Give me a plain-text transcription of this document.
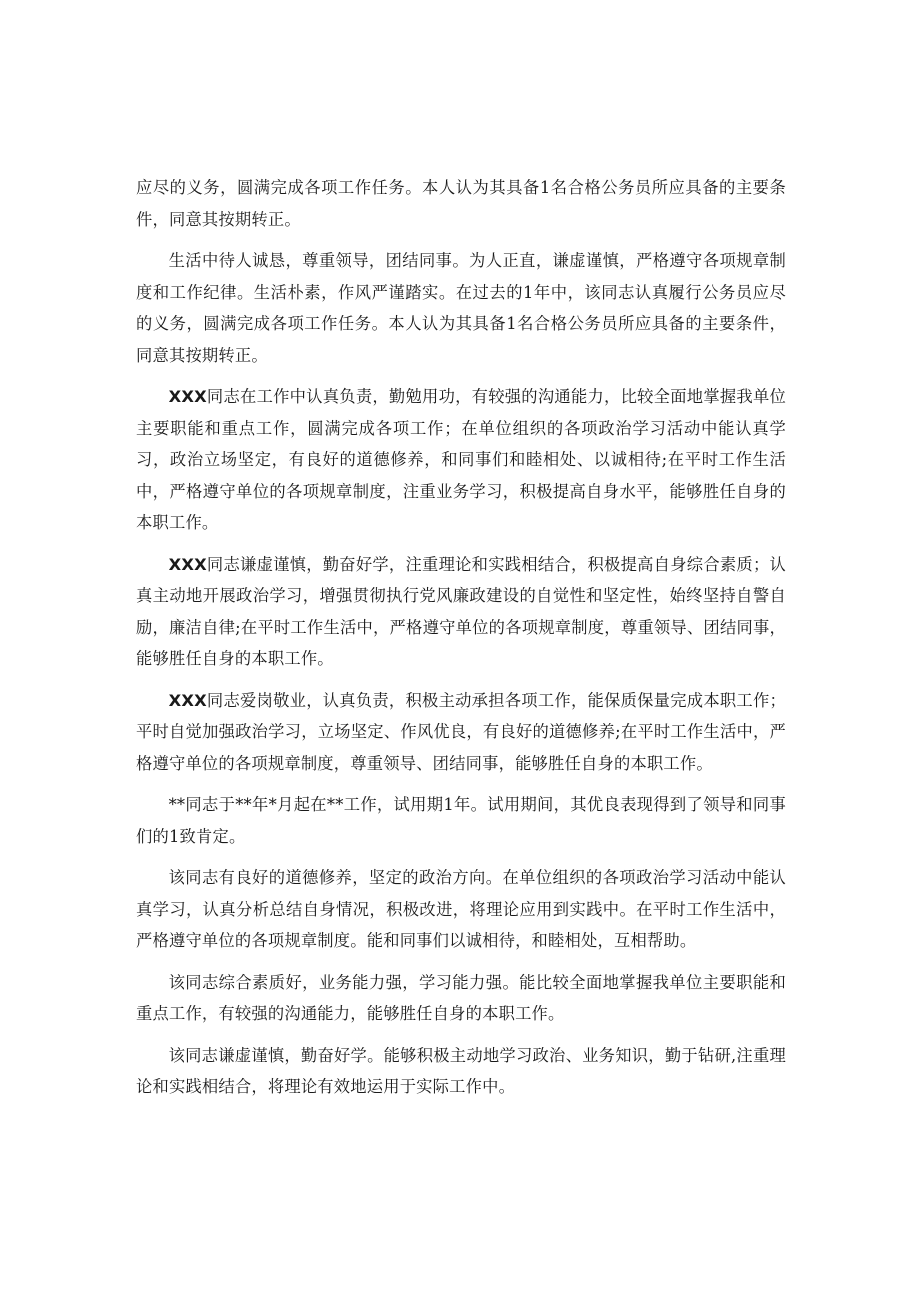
应尽的义务，圆满完成各项工作任务。本人认为其具备1名合格公务员所应具备的主要条件，同意其按期转正。

生活中待人诚恳，尊重领导，团结同事。为人正直，谦虚谨慎，严格遵守各项规章制度和工作纪律。生活朴素，作风严谨踏实。在过去的1年中，该同志认真履行公务员应尽的义务，圆满完成各项工作任务。本人认为其具备1名合格公务员所应具备的主要条件，同意其按期转正。

XXX同志在工作中认真负责，勤勉用功，有较强的沟通能力，比较全面地掌握我单位主要职能和重点工作，圆满完成各项工作；在单位组织的各项政治学习活动中能认真学习，政治立场坚定，有良好的道德修养，和同事们和睦相处、以诚相待;在平时工作生活中，严格遵守单位的各项规章制度，注重业务学习，积极提高自身水平，能够胜任自身的本职工作。

XXX同志谦虚谨慎，勤奋好学，注重理论和实践相结合，积极提高自身综合素质；认真主动地开展政治学习，增强贯彻执行党风廉政建设的自觉性和坚定性，始终坚持自警自励，廉洁自律;在平时工作生活中，严格遵守单位的各项规章制度，尊重领导、团结同事，能够胜任自身的本职工作。

XXX同志爱岗敬业，认真负责，积极主动承担各项工作，能保质保量完成本职工作；平时自觉加强政治学习，立场坚定、作风优良，有良好的道德修养;在平时工作生活中，严格遵守单位的各项规章制度，尊重领导、团结同事，能够胜任自身的本职工作。

**同志于**年*月起在**工作，试用期1年。试用期间，其优良表现得到了领导和同事们的1致肯定。

该同志有良好的道德修养，坚定的政治方向。在单位组织的各项政治学习活动中能认真学习，认真分析总结自身情况，积极改进，将理论应用到实践中。在平时工作生活中，严格遵守单位的各项规章制度。能和同事们以诚相待，和睦相处，互相帮助。

该同志综合素质好，业务能力强，学习能力强。能比较全面地掌握我单位主要职能和重点工作，有较强的沟通能力，能够胜任自身的本职工作。

该同志谦虚谨慎，勤奋好学。能够积极主动地学习政治、业务知识，勤于钻研,注重理论和实践相结合，将理论有效地运用于实际工作中。
